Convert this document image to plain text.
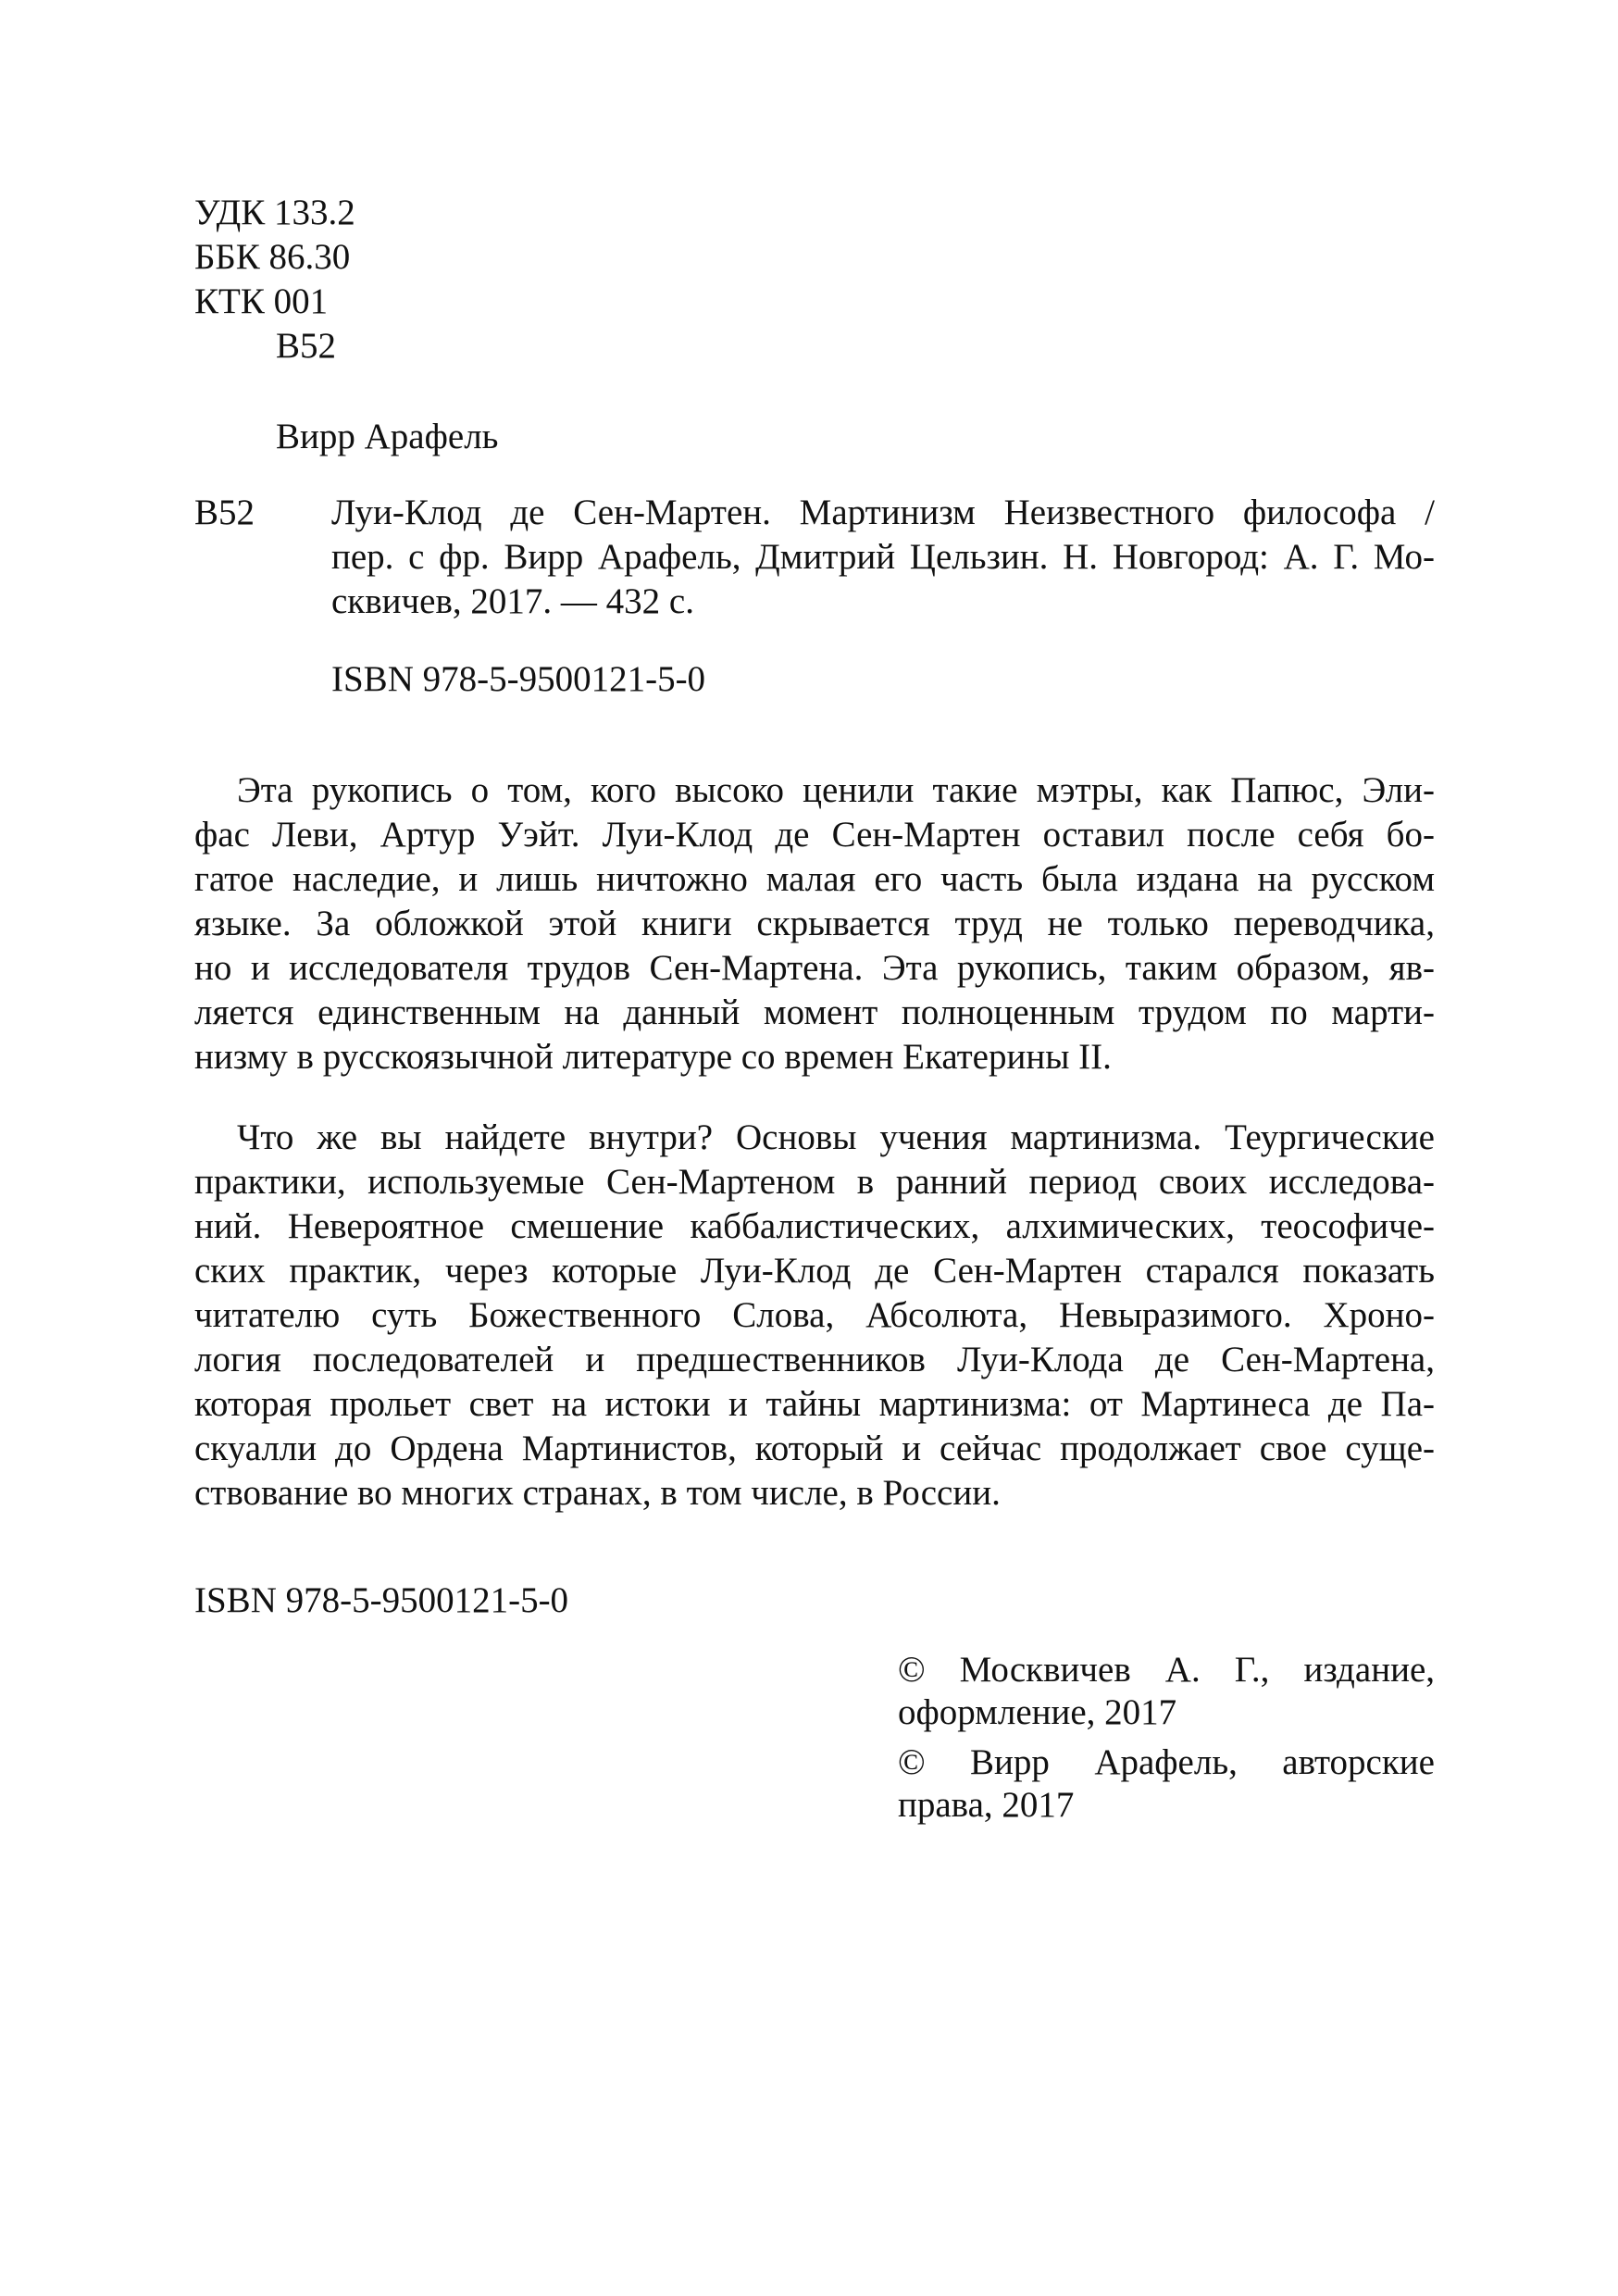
УДК 133.2
ББК 86.30
КТК 001
В52
Вирр Арафель
В52 Луи-Клод де Сен-Мартен. Мартинизм Неизвестного философа /
пер. с фр. Вирр Арафель, Дмитрий Цельзин. Н. Новгород: А. Г. Мо-
сквичев, 2017. — 432 с.
ISBN 978-5-9500121-5-0
Эта рукопись о том, кого высоко ценили такие мэтры, как Папюс, Эли-
фас Леви, Артур Уэйт. Луи-Клод де Сен-Мартен оставил после себя бо-
гатое наследие, и лишь ничтожно малая его часть была издана на русском
языке. За обложкой этой книги скрывается труд не только переводчика,
но и исследователя трудов Сен-Мартена. Эта рукопись, таким образом, яв-
ляется единственным на данный момент полноценным трудом по марти-
низму в русскоязычной литературе со времен Екатерины II.
Что же вы найдете внутри? Основы учения мартинизма. Теургические
практики, используемые Сен-Мартеном в ранний период своих исследова-
ний. Невероятное смешение каббалистических, алхимических, теософиче-
ских практик, через которые Луи-Клод де Сен-Мартен старался показать
читателю суть Божественного Слова, Абсолюта, Невыразимого. Хроно-
логия последователей и предшественников Луи-Клода де Сен-Мартена,
которая прольет свет на истоки и тайны мартинизма: от Мартинеса де Па-
скуалли до Ордена Мартинистов, который и сейчас продолжает свое суще-
ствование во многих странах, в том числе, в России.
ISBN 978-5-9500121-5-0
© Москвичев А. Г., издание,
оформление, 2017
© Вирр Арафель, авторские
права, 2017
